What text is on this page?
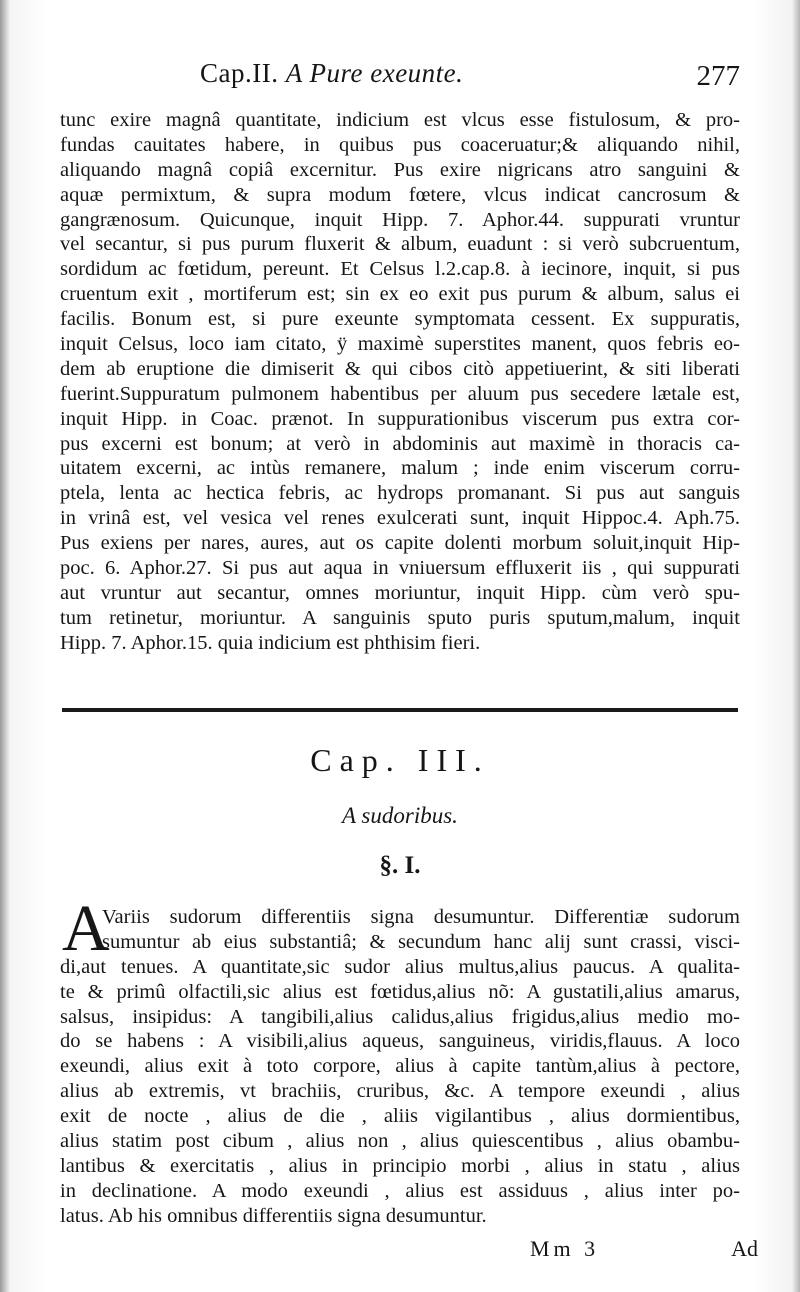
Cap.II. A Pure exeunte.	277
tunc exire magnâ quantitate, indicium est vlcus esse fistulosum, & pro-
fundas cauitates habere, in quibus pus coaceruatur;& aliquando nihil,
aliquando magnâ copiâ excernitur. Pus exire nigricans atro sanguini &
aquæ permixtum, & supra modum fœtere, vlcus indicat cancrosum &
gangrænosum. Quicunque, inquit Hipp. 7. Aphor.44. suppurati vruntur
vel secantur, si pus purum fluxerit & album, euadunt : si verò subcruentum,
sordidum ac fœtidum, pereunt. Et Celsus l.2.cap.8. à iecinore, inquit, si pus
cruentum exit , mortiferum est; sin ex eo exit pus purum & album, salus ei
facilis. Bonum est, si pure exeunte symptomata cessent. Ex suppuratis,
inquit Celsus, loco iam citato, ÿ maximè superstites manent, quos febris eo-
dem ab eruptione die dimiserit & qui cibos citò appetiuerint, & siti liberati
fuerint.Suppuratum pulmonem habentibus per aluum pus secedere lætale est,
inquit Hipp. in Coac. prænot. In suppurationibus viscerum pus extra cor-
pus excerni est bonum; at verò in abdominis aut maximè in thoracis ca-
uitatem excerni, ac intùs remanere, malum ; inde enim viscerum corru-
ptela, lenta ac hectica febris, ac hydrops promanant. Si pus aut sanguis
in vrinâ est, vel vesica vel renes exulcerati sunt, inquit Hippoc.4. Aph.75.
Pus exiens per nares, aures, aut os capite dolenti morbum soluit,inquit Hip-
poc. 6. Aphor.27. Si pus aut aqua in vniuersum effluxerit iis , qui suppurati
aut vruntur aut secantur, omnes moriuntur, inquit Hipp. cùm verò spu-
tum retinetur, moriuntur. A sanguinis sputo puris sputum,malum, inquit
Hipp. 7. Aphor.15. quia indicium est phthisim fieri.
Cap. III.
A sudoribus.
§. I.
A
Variis sudorum differentiis signa desumuntur. Differentiæ sudorum
sumuntur ab eius substantiâ; & secundum hanc alij sunt crassi, visci-
di,aut tenues. A quantitate,sic sudor alius multus,alius paucus. A qualita-
te & primû olfactili,sic alius est fœtidus,alius nõ: A gustatili,alius amarus,
salsus, insipidus: A tangibili,alius calidus,alius frigidus,alius medio mo-
do se habens : A visibili,alius aqueus, sanguineus, viridis,flauus. A loco
exeundi, alius exit à toto corpore, alius à capite tantùm,alius à pectore,
alius ab extremis, vt brachiis, cruribus, &c. A tempore exeundi , alius
exit de nocte , alius de die , aliis vigilantibus , alius dormientibus,
alius statim post cibum , alius non , alius quiescentibus , alius obambu-
lantibus & exercitatis , alius in principio morbi , alius in statu , alius
in declinatione. A modo exeundi , alius est assiduus , alius inter po-
latus. Ab his omnibus differentiis signa desumuntur.
Mm 3	Ad
